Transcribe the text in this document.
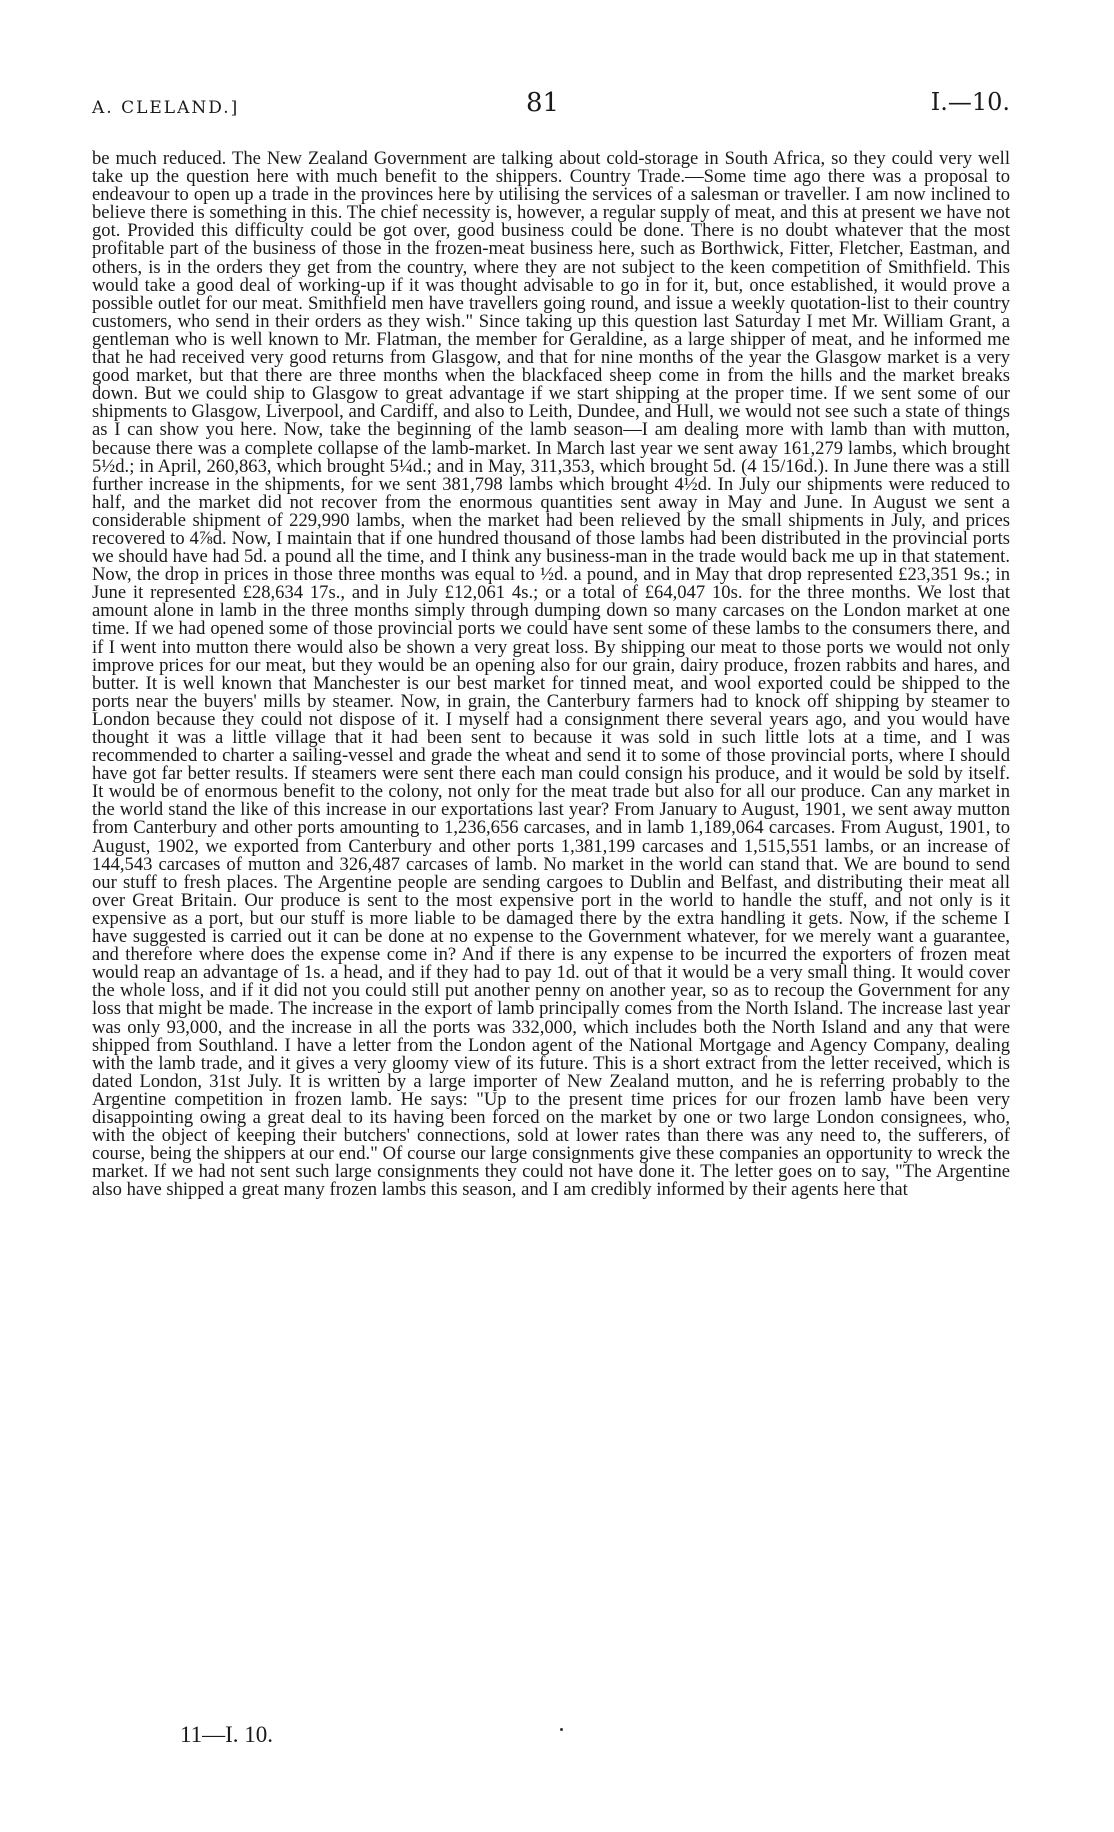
A. CLELAND.]	81	I.—10.

be much reduced. The New Zealand Government are talking about cold-storage in South Africa, so they could very well take up the question here with much benefit to the shippers. Country Trade.—Some time ago there was a proposal to endeavour to open up a trade in the provinces here by utilising the services of a salesman or traveller. I am now inclined to believe there is something in this. The chief necessity is, however, a regular supply of meat, and this at present we have not got. Provided this difficulty could be got over, good business could be done. There is no doubt whatever that the most profitable part of the business of those in the frozen-meat business here, such as Borthwick, Fitter, Fletcher, Eastman, and others, is in the orders they get from the country, where they are not subject to the keen competition of Smithfield. This would take a good deal of working-up if it was thought advisable to go in for it, but, once established, it would prove a possible outlet for our meat. Smithfield men have travellers going round, and issue a weekly quotation-list to their country customers, who send in their orders as they wish." Since taking up this question last Saturday I met Mr. William Grant, a gentleman who is well known to Mr. Flatman, the member for Geraldine, as a large shipper of meat, and he informed me that he had received very good returns from Glasgow, and that for nine months of the year the Glasgow market is a very good market, but that there are three months when the blackfaced sheep come in from the hills and the market breaks down. But we could ship to Glasgow to great advantage if we start shipping at the proper time. If we sent some of our shipments to Glasgow, Liverpool, and Cardiff, and also to Leith, Dundee, and Hull, we would not see such a state of things as I can show you here. Now, take the beginning of the lamb season—I am dealing more with lamb than with mutton, because there was a complete collapse of the lamb-market. In March last year we sent away 161,279 lambs, which brought 5½d.; in April, 260,863, which brought 5¼d.; and in May, 311,353, which brought 5d. (4 15/16d.). In June there was a still further increase in the shipments, for we sent 381,798 lambs which brought 4½d. In July our shipments were reduced to half, and the market did not recover from the enormous quantities sent away in May and June. In August we sent a considerable shipment of 229,990 lambs, when the market had been relieved by the small shipments in July, and prices recovered to 4⅞d. Now, I maintain that if one hundred thousand of those lambs had been distributed in the provincial ports we should have had 5d. a pound all the time, and I think any business-man in the trade would back me up in that statement. Now, the drop in prices in those three months was equal to ½d. a pound, and in May that drop represented £23,351 9s.; in June it represented £28,634 17s., and in July £12,061 4s.; or a total of £64,047 10s. for the three months. We lost that amount alone in lamb in the three months simply through dumping down so many carcases on the London market at one time. If we had opened some of those provincial ports we could have sent some of these lambs to the consumers there, and if I went into mutton there would also be shown a very great loss. By shipping our meat to those ports we would not only improve prices for our meat, but they would be an opening also for our grain, dairy produce, frozen rabbits and hares, and butter. It is well known that Manchester is our best market for tinned meat, and wool exported could be shipped to the ports near the buyers' mills by steamer. Now, in grain, the Canterbury farmers had to knock off shipping by steamer to London because they could not dispose of it. I myself had a consignment there several years ago, and you would have thought it was a little village that it had been sent to because it was sold in such little lots at a time, and I was recommended to charter a sailing-vessel and grade the wheat and send it to some of those provincial ports, where I should have got far better results. If steamers were sent there each man could consign his produce, and it would be sold by itself. It would be of enormous benefit to the colony, not only for the meat trade but also for all our produce. Can any market in the world stand the like of this increase in our exportations last year? From January to August, 1901, we sent away mutton from Canterbury and other ports amounting to 1,236,656 carcases, and in lamb 1,189,064 carcases. From August, 1901, to August, 1902, we exported from Canterbury and other ports 1,381,199 carcases and 1,515,551 lambs, or an increase of 144,543 carcases of mutton and 326,487 carcases of lamb. No market in the world can stand that. We are bound to send our stuff to fresh places. The Argentine people are sending cargoes to Dublin and Belfast, and distributing their meat all over Great Britain. Our produce is sent to the most expensive port in the world to handle the stuff, and not only is it expensive as a port, but our stuff is more liable to be damaged there by the extra handling it gets. Now, if the scheme I have suggested is carried out it can be done at no expense to the Government whatever, for we merely want a guarantee, and therefore where does the expense come in? And if there is any expense to be incurred the exporters of frozen meat would reap an advantage of 1s. a head, and if they had to pay 1d. out of that it would be a very small thing. It would cover the whole loss, and if it did not you could still put another penny on another year, so as to recoup the Government for any loss that might be made. The increase in the export of lamb principally comes from the North Island. The increase last year was only 93,000, and the increase in all the ports was 332,000, which includes both the North Island and any that were shipped from Southland. I have a letter from the London agent of the National Mortgage and Agency Company, dealing with the lamb trade, and it gives a very gloomy view of its future. This is a short extract from the letter received, which is dated London, 31st July. It is written by a large importer of New Zealand mutton, and he is referring probably to the Argentine competition in frozen lamb. He says: "Up to the present time prices for our frozen lamb have been very disappointing owing a great deal to its having been forced on the market by one or two large London consignees, who, with the object of keeping their butchers' connections, sold at lower rates than there was any need to, the sufferers, of course, being the shippers at our end." Of course our large consignments give these companies an opportunity to wreck the market. If we had not sent such large consignments they could not have done it. The letter goes on to say, "The Argentine also have shipped a great many frozen lambs this season, and I am credibly informed by their agents here that

11—I. 10.
